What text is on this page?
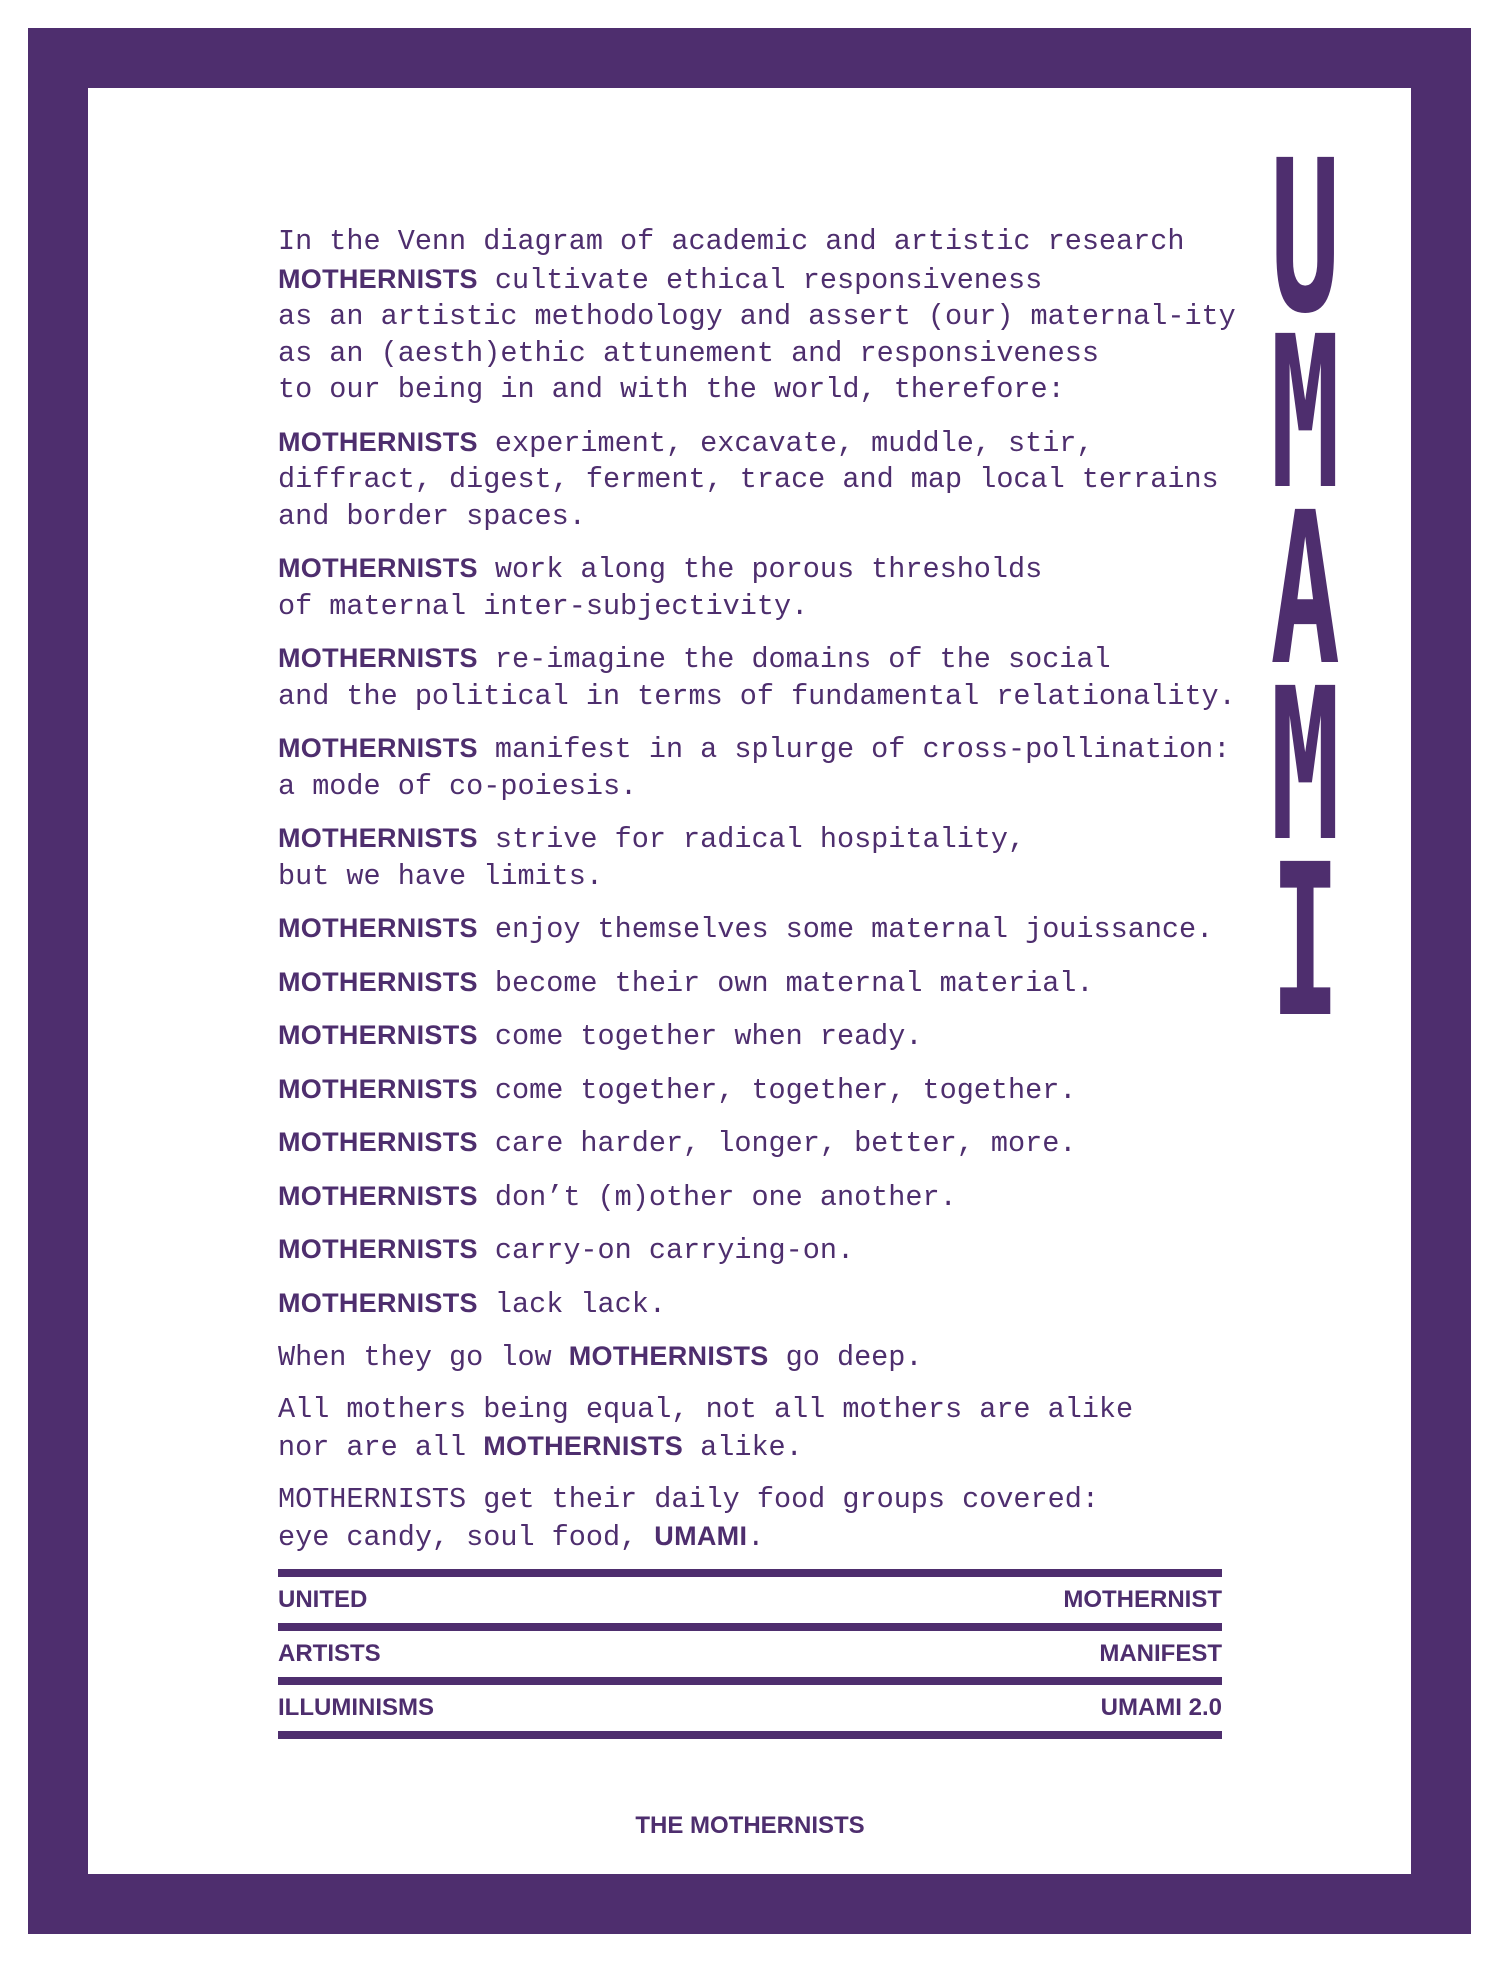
U
M
A
M
I
In the Venn diagram of academic and artistic research
MOTHERNISTS cultivate ethical responsiveness
as an artistic methodology and assert (our) maternal-ity
as an (aesth)ethic attunement and responsiveness
to our being in and with the world, therefore:
MOTHERNISTS experiment, excavate, muddle, stir,
diffract, digest, ferment, trace and map local terrains
and border spaces.
MOTHERNISTS work along the porous thresholds
of maternal inter-subjectivity.
MOTHERNISTS re-imagine the domains of the social
and the political in terms of fundamental relationality.
MOTHERNISTS manifest in a splurge of cross-pollination:
a mode of co-poiesis.
MOTHERNISTS strive for radical hospitality,
but we have limits.
MOTHERNISTS enjoy themselves some maternal jouissance.
MOTHERNISTS become their own maternal material.
MOTHERNISTS come together when ready.
MOTHERNISTS come together, together, together.
MOTHERNISTS care harder, longer, better, more.
MOTHERNISTS don’t (m)other one another.
MOTHERNISTS carry-on carrying-on.
MOTHERNISTS lack lack.
When they go low MOTHERNISTS go deep.
All mothers being equal, not all mothers are alike
nor are all MOTHERNISTS alike.
MOTHERNISTS get their daily food groups covered:
eye candy, soul food, UMAMI.
UNITED	MOTHERNIST
ARTISTS	MANIFEST
ILLUMINISMS	UMAMI 2.0
THE MOTHERNISTS
